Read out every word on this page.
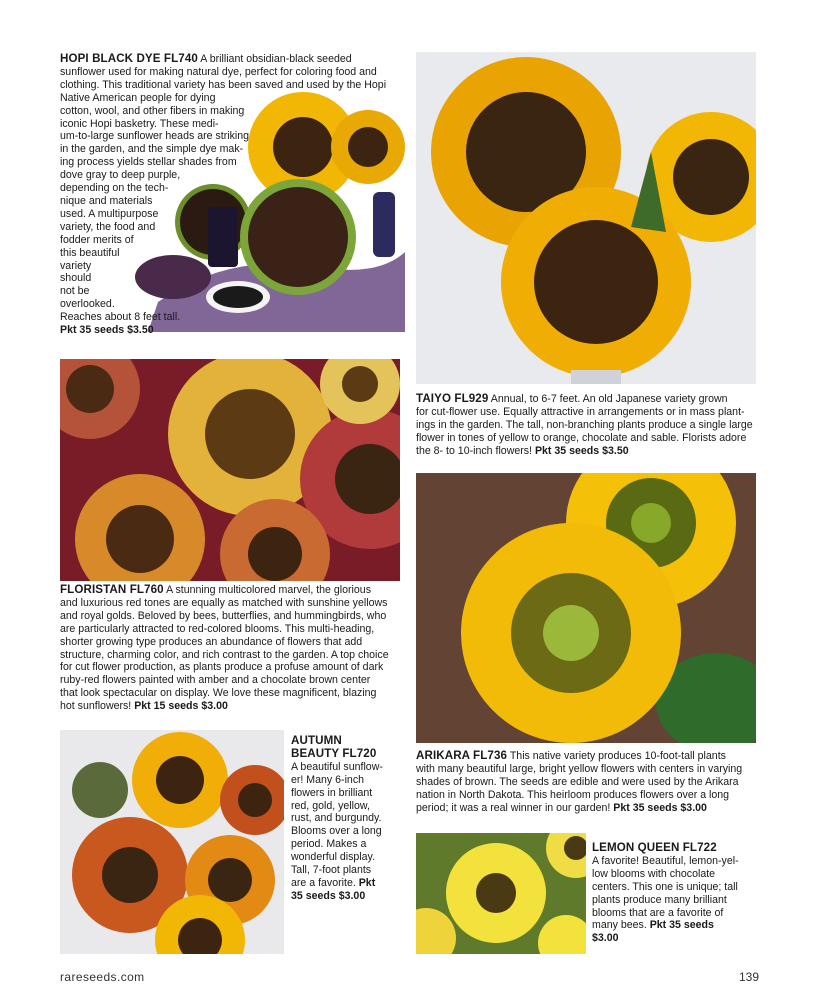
HOPI BLACK DYE FL740 A brilliant obsidian-black seeded
sunflower used for making natural dye, perfect for coloring food and
clothing. This traditional variety has been saved and used by the Hopi
Native American people for dying
cotton, wool, and other fibers in making
iconic Hopi basketry. These medi-
um-to-large sunflower heads are striking
in the garden, and the simple dye mak-
ing process yields stellar shades from
dove gray to deep purple,
depending on the tech-
nique and materials
used. A multipurpose
variety, the food and
fodder merits of
this beautiful
variety
should
not be
overlooked.
Reaches about 8 feet tall.
Pkt 35 seeds $3.50
TAIYO FL929 Annual, to 6-7 feet. An old Japanese variety grown
for cut-flower use. Equally attractive in arrangements or in mass plant-
ings in the garden. The tall, non-branching plants produce a single large
flower in tones of yellow to orange, chocolate and sable. Florists adore
the 8- to 10-inch flowers! Pkt 35 seeds $3.50
FLORISTAN FL760 A stunning multicolored marvel, the glorious
and luxurious red tones are equally as matched with sunshine yellows
and royal golds. Beloved by bees, butterflies, and hummingbirds, who
are particularly attracted to red-colored blooms. This multi-heading,
shorter growing type produces an abundance of flowers that add
structure, charming color, and rich contrast to the garden. A top choice
for cut flower production, as plants produce a profuse amount of dark
ruby-red flowers painted with amber and a chocolate brown center
that look spectacular on display. We love these magnificent, blazing
hot sunflowers! Pkt 15 seeds $3.00
AUTUMN
BEAUTY FL720
A beautiful sunflow-
er! Many 6-inch
flowers in brilliant
red, gold, yellow,
rust, and burgundy.
Blooms over a long
period. Makes a
wonderful display.
Tall, 7-foot plants
are a favorite. Pkt
35 seeds $3.00
ARIKARA FL736 This native variety produces 10-foot-tall plants
with many beautiful large, bright yellow flowers with centers in varying
shades of brown. The seeds are edible and were used by the Arikara
nation in North Dakota. This heirloom produces flowers over a long
period; it was a real winner in our garden! Pkt 35 seeds $3.00
LEMON QUEEN FL722
A favorite! Beautiful, lemon-yel-
low blooms with chocolate
centers. This one is unique; tall
plants produce many brilliant
blooms that are a favorite of
many bees. Pkt 35 seeds
$3.00
rareseeds.com	139
